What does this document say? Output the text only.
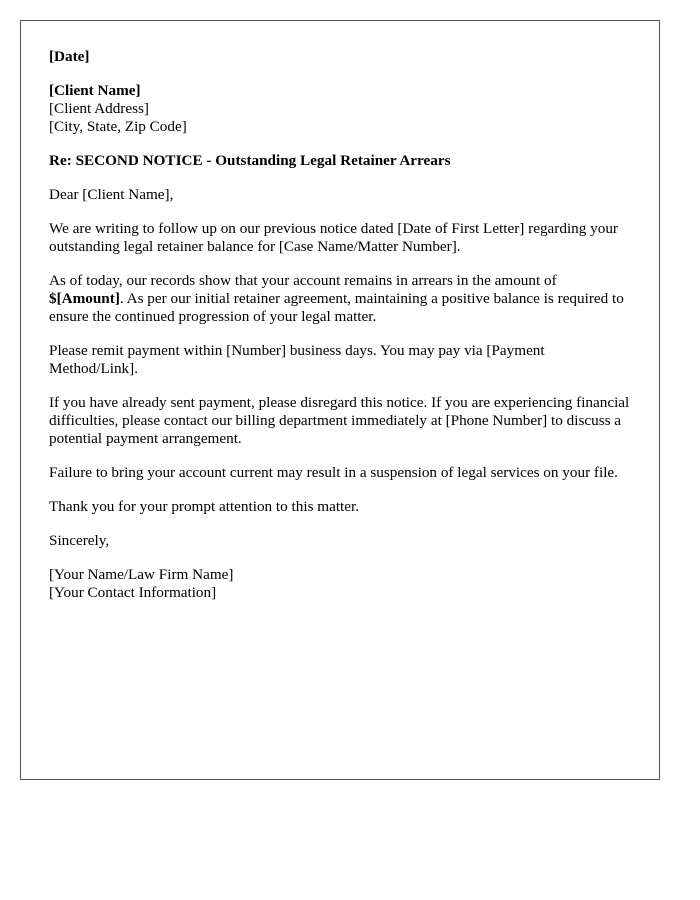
[Date]
[Client Name]
[Client Address]
[City, State, Zip Code]

Re: SECOND NOTICE - Outstanding Legal Retainer Arrears

Dear [Client Name],

We are writing to follow up on our previous notice dated [Date of First Letter] regarding your outstanding legal retainer balance for [Case Name/Matter Number].

As of today, our records show that your account remains in arrears in the amount of $[Amount]. As per our initial retainer agreement, maintaining a positive balance is required to ensure the continued progression of your legal matter.

Please remit payment within [Number] business days. You may pay via [Payment Method/Link].

If you have already sent payment, please disregard this notice. If you are experiencing financial difficulties, please contact our billing department immediately at [Phone Number] to discuss a potential payment arrangement.

Failure to bring your account current may result in a suspension of legal services on your file.

Thank you for your prompt attention to this matter.

Sincerely,

[Your Name/Law Firm Name]
[Your Contact Information]
